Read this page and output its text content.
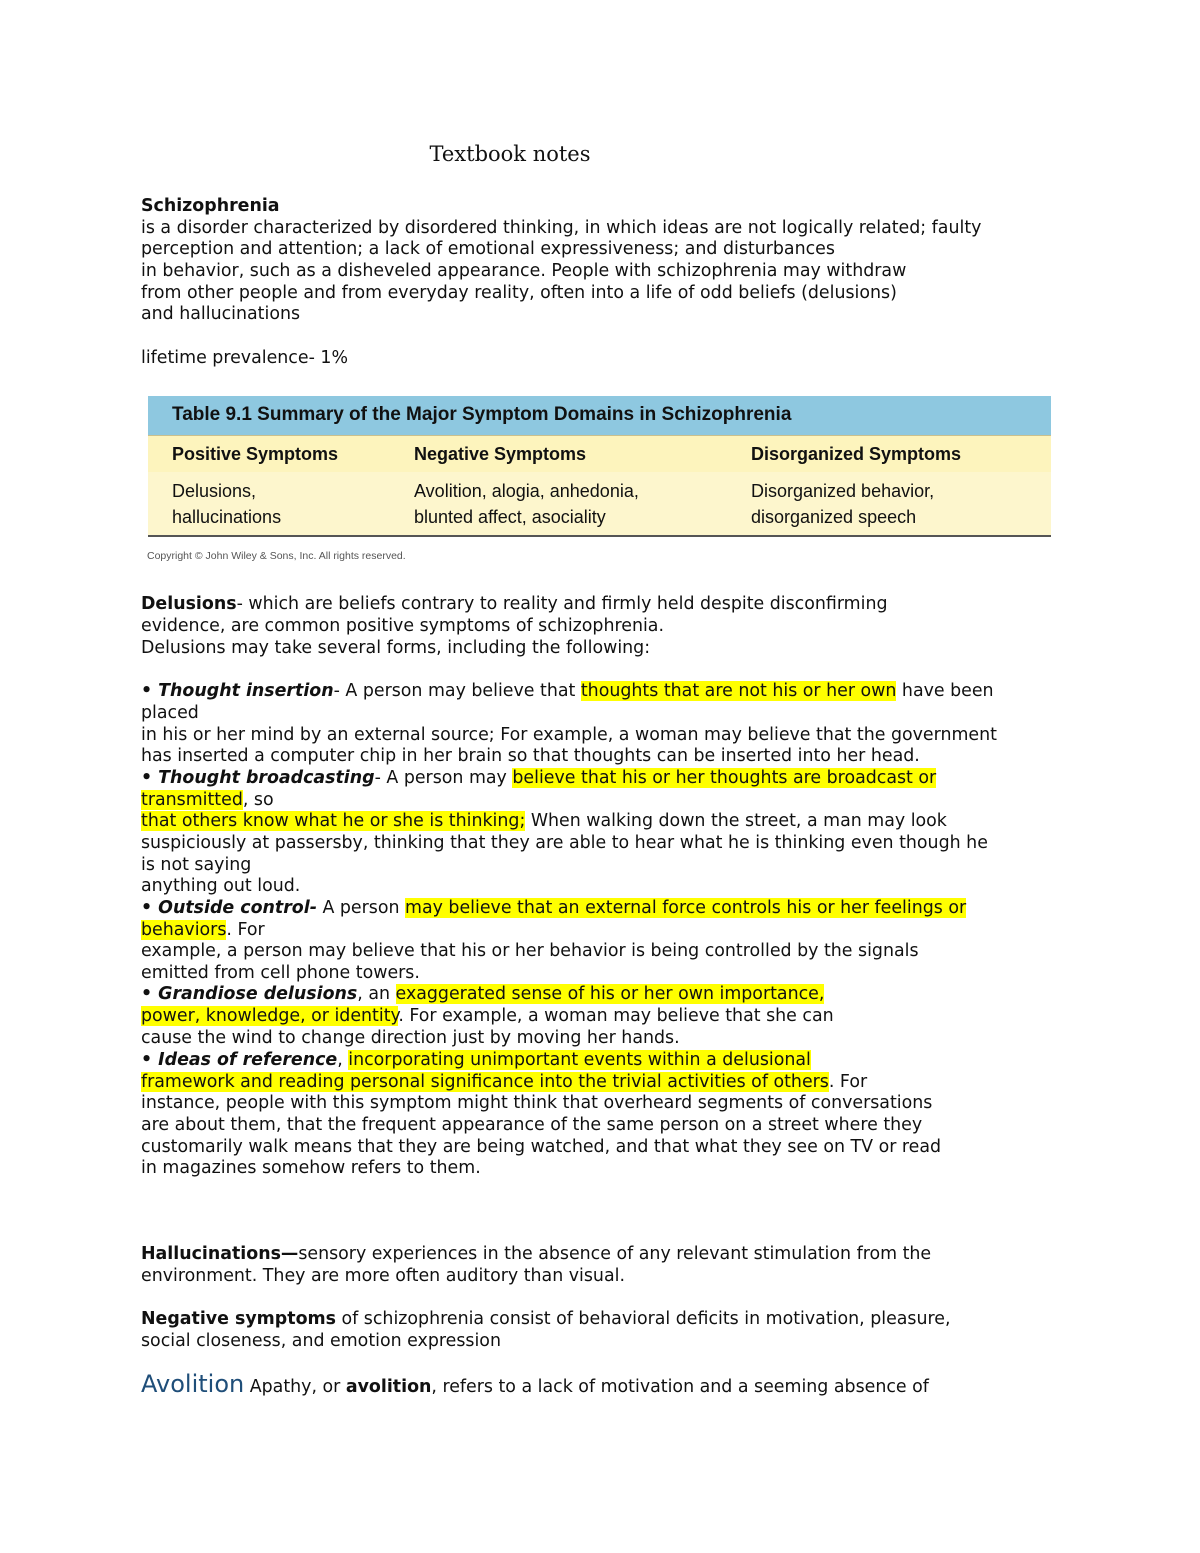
Textbook notes
Schizophrenia
is a disorder characterized by disordered thinking, in which ideas are not logically related; faulty
perception and attention; a lack of emotional expressiveness; and disturbances
in behavior, such as a disheveled appearance. People with schizophrenia may withdraw
from other people and from everyday reality, often into a life of odd beliefs (delusions)
and hallucinations
lifetime prevalence- 1%
Table 9.1 Summary of the Major Symptom Domains in Schizophrenia
Positive Symptoms	Negative Symptoms	Disorganized Symptoms
Delusions,
hallucinations
Avolition, alogia, anhedonia,
blunted affect, asociality
Disorganized behavior,
disorganized speech
Copyright © John Wiley & Sons, Inc. All rights reserved.
Delusions- which are beliefs contrary to reality and firmly held despite disconfirming
evidence, are common positive symptoms of schizophrenia.
Delusions may take several forms, including the following:
• Thought insertion- A person may believe that thoughts that are not his or her own have been
placed
in his or her mind by an external source; For example, a woman may believe that the government
has inserted a computer chip in her brain so that thoughts can be inserted into her head.
• Thought broadcasting- A person may believe that his or her thoughts are broadcast or
transmitted, so
that others know what he or she is thinking; When walking down the street, a man may look
suspiciously at passersby, thinking that they are able to hear what he is thinking even though he
is not saying
anything out loud.
• Outside control- A person may believe that an external force controls his or her feelings or
behaviors. For
example, a person may believe that his or her behavior is being controlled by the signals
emitted from cell phone towers.
• Grandiose delusions, an exaggerated sense of his or her own importance,
power, knowledge, or identity. For example, a woman may believe that she can
cause the wind to change direction just by moving her hands.
• Ideas of reference, incorporating unimportant events within a delusional
framework and reading personal significance into the trivial activities of others. For
instance, people with this symptom might think that overheard segments of conversations
are about them, that the frequent appearance of the same person on a street where they
customarily walk means that they are being watched, and that what they see on TV or read
in magazines somehow refers to them.
Hallucinations—sensory experiences in the absence of any relevant stimulation from the
environment. They are more often auditory than visual.
Negative symptoms of schizophrenia consist of behavioral deficits in motivation, pleasure,
social closeness, and emotion expression
Avolition Apathy, or avolition, refers to a lack of motivation and a seeming absence of
